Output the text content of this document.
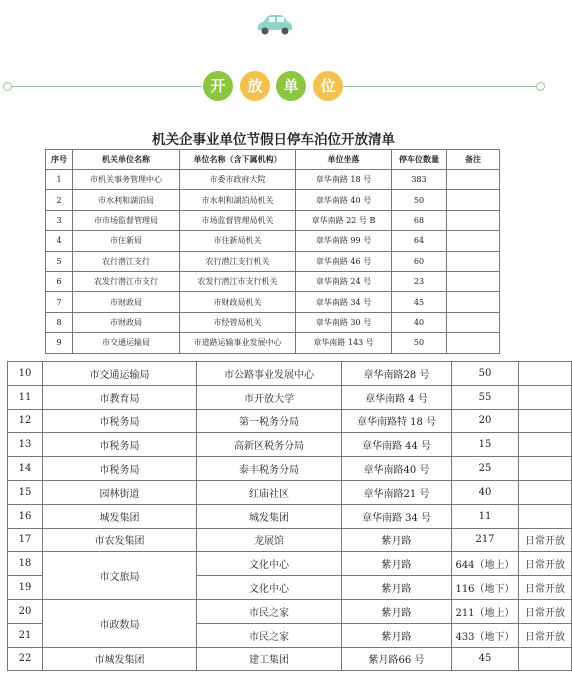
开	放	单	位
机关企事业单位节假日停车泊位开放清单
序号	机关单位名称	单位名称（含下属机构）	单位坐落	停车位数量	备注
1	市机关事务管理中心	市委市政府大院	章华南路 18 号	383	
2	市水利和湖泊局	市水利和湖泊局机关	章华南路 40 号	50	
3	市市场监督管理局	市场监督管理局机关	章华南路 22 号 B	68	
4	市住新局	市住新局机关	章华南路 99 号	64	
5	农行潜江支行	农行潜江支行机关	章华南路 46 号	60	
6	农发行潜江市支行	农发行潜江市支行机关	章华南路 24 号	23	
7	市财政局	市财政局机关	章华南路 34 号	45	
8	市财政局	市经管局机关	章华南路 30 号	40	
9	市交通运输局	市道路运输事业发展中心	章华南路 143 号	50	
10	市交通运输局	市公路事业发展中心	章华南路28 号	50	
11	市教育局	市开放大学	章华南路 4 号	55	
12	市税务局	第一税务分局	章华南路特 18 号	20	
13	市税务局	高新区税务分局	章华南路 44 号	15	
14	市税务局	泰丰税务分局	章华南路40 号	25	
15	园林街道	红庙社区	章华南路21 号	40	
16	城发集团	城发集团	章华南路 34 号	11	
17	市农发集团	龙展馆	紫月路	217	日常开放
18	市文旅局	文化中心	紫月路	644（地上）	日常开放
19		文化中心	紫月路	116（地下）	日常开放
20	市政数局	市民之家	紫月路	211（地上）	日常开放
21		市民之家	紫月路	433（地下）	日常开放
22	市城发集团	建工集团	紫月路66 号	45	
